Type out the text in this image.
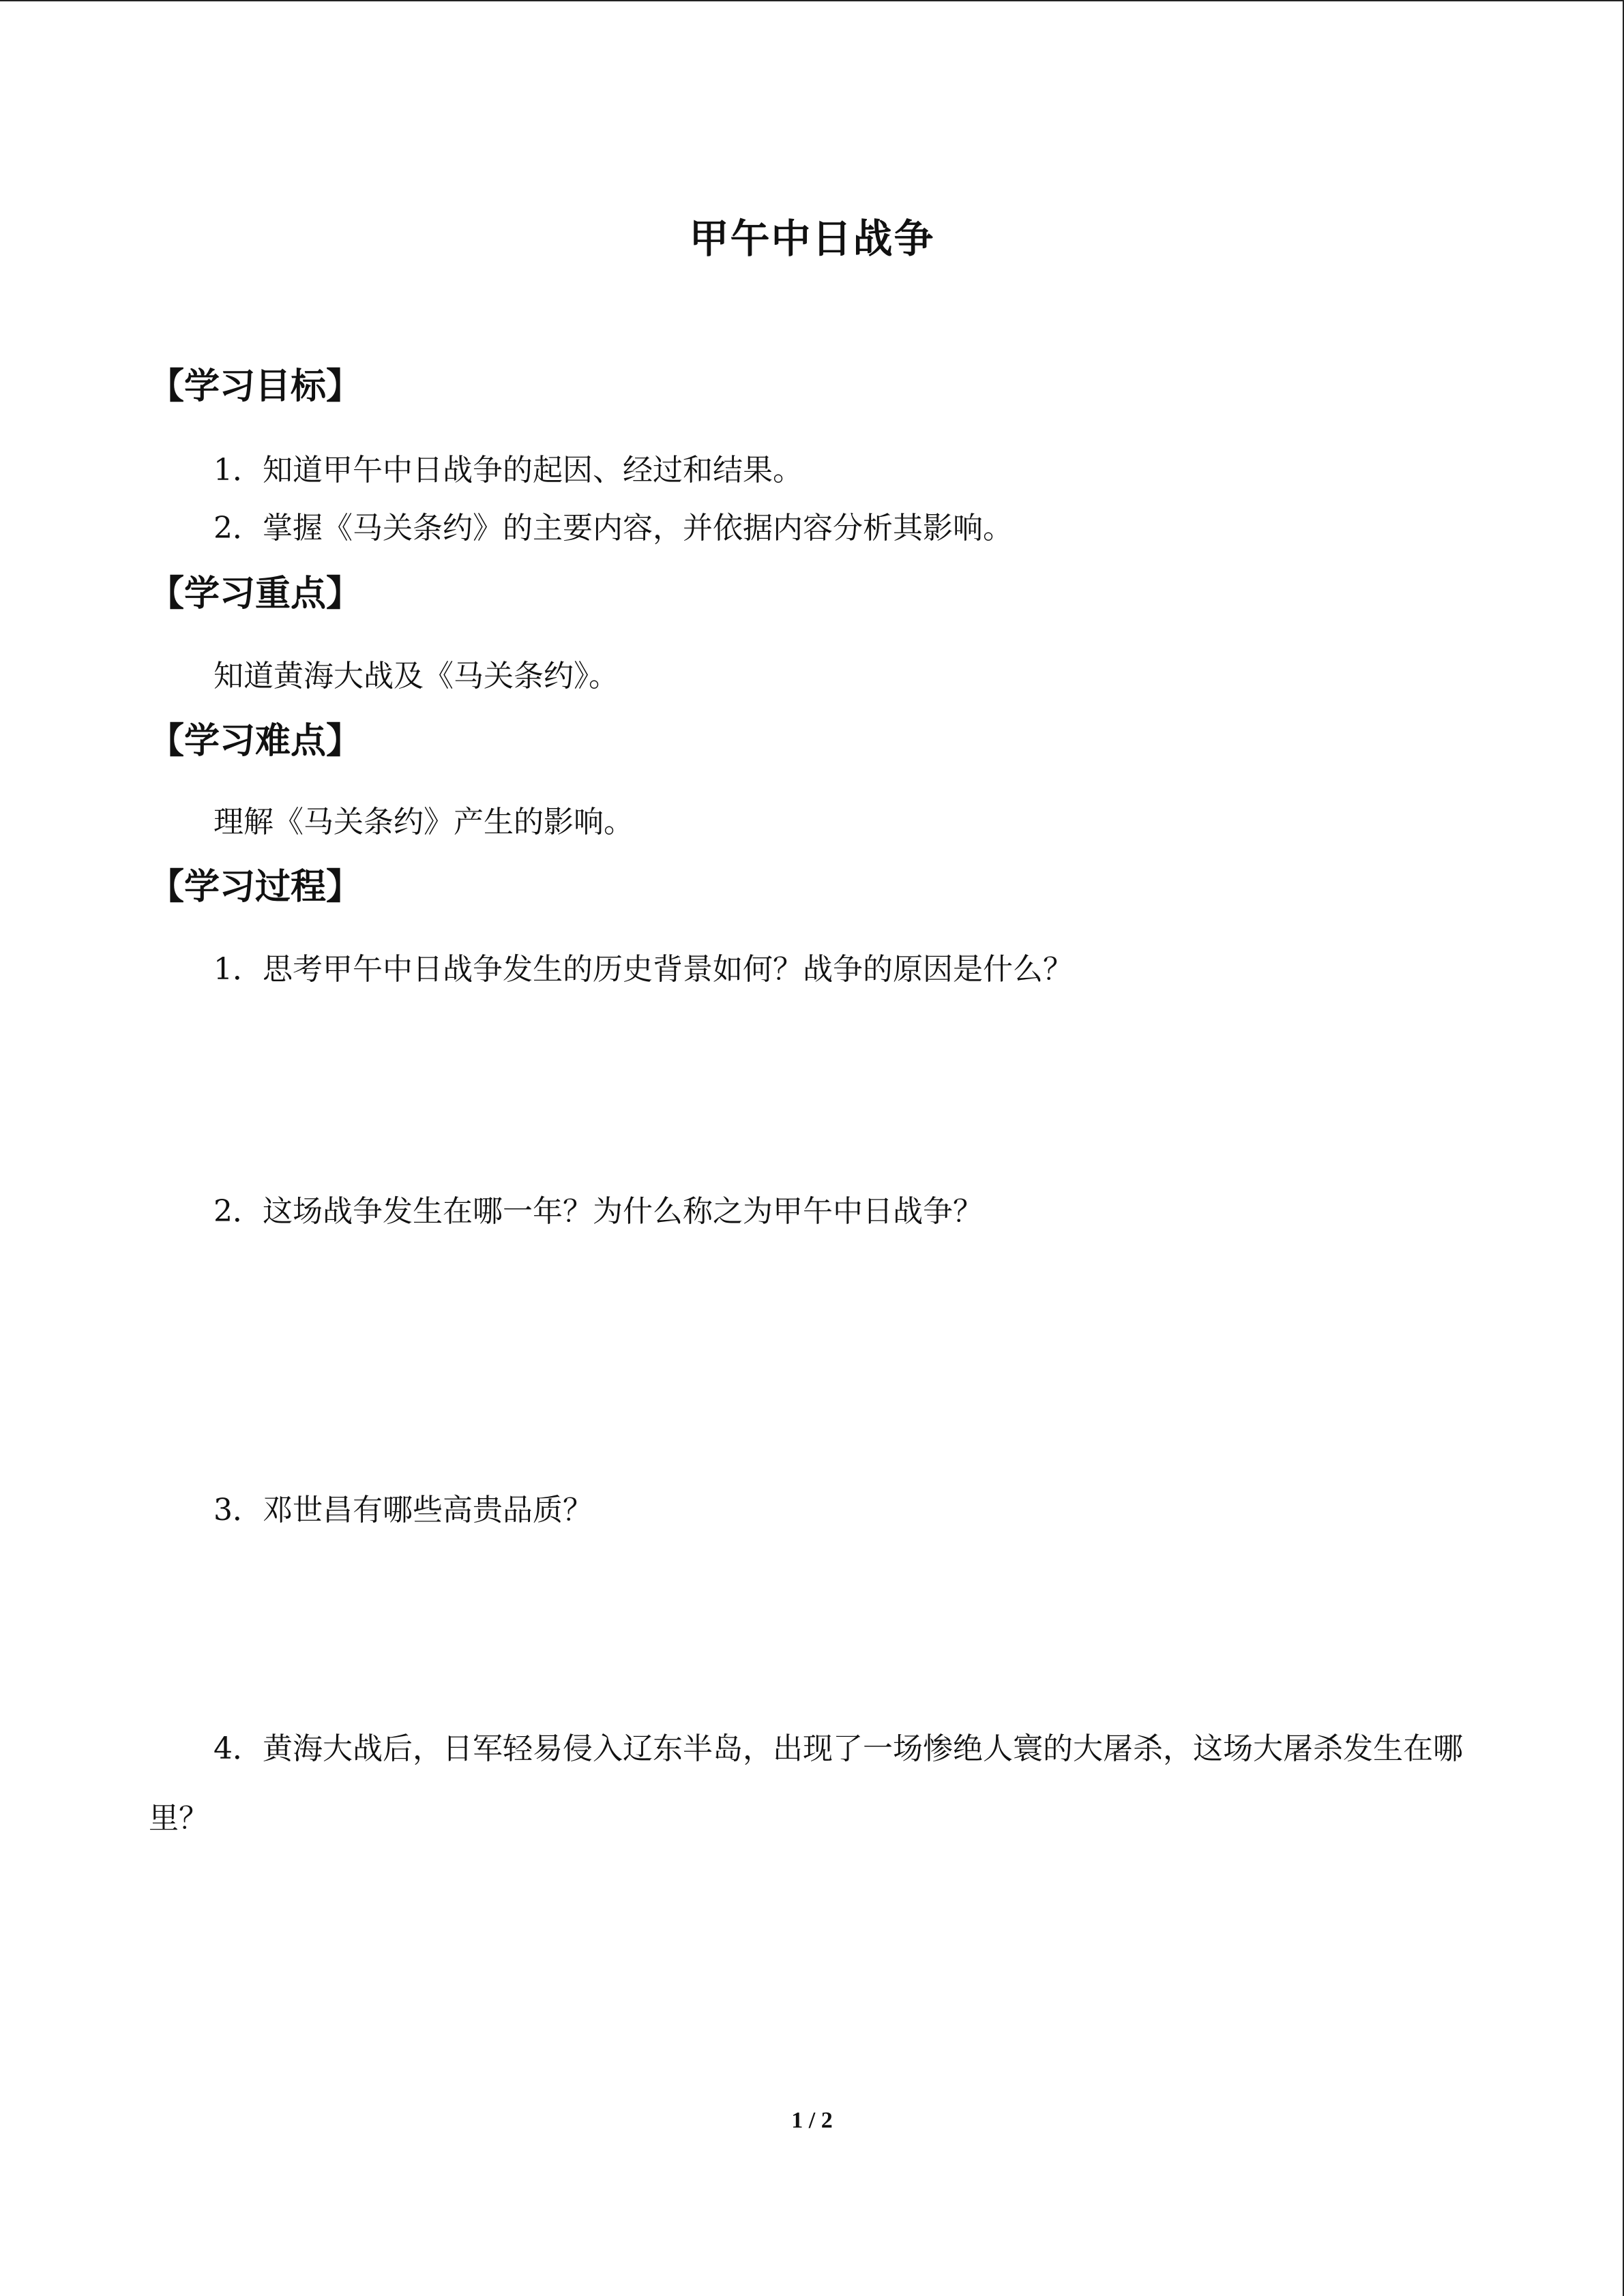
甲午中日战争
【学习目标】
1．知道甲午中日战争的起因、经过和结果。
2．掌握《马关条约》的主要内容，并依据内容分析其影响。
【学习重点】
知道黄海大战及《马关条约》。
【学习难点】
理解《马关条约》产生的影响。
【学习过程】
1．思考甲午中日战争发生的历史背景如何？战争的原因是什么？
2．这场战争发生在哪一年？为什么称之为甲午中日战争？
3．邓世昌有哪些高贵品质？

4．黄海大战后，日军轻易侵入辽东半岛，出现了一场惨绝人寰的大屠杀，这场大屠杀发生在哪里？

1 / 2
